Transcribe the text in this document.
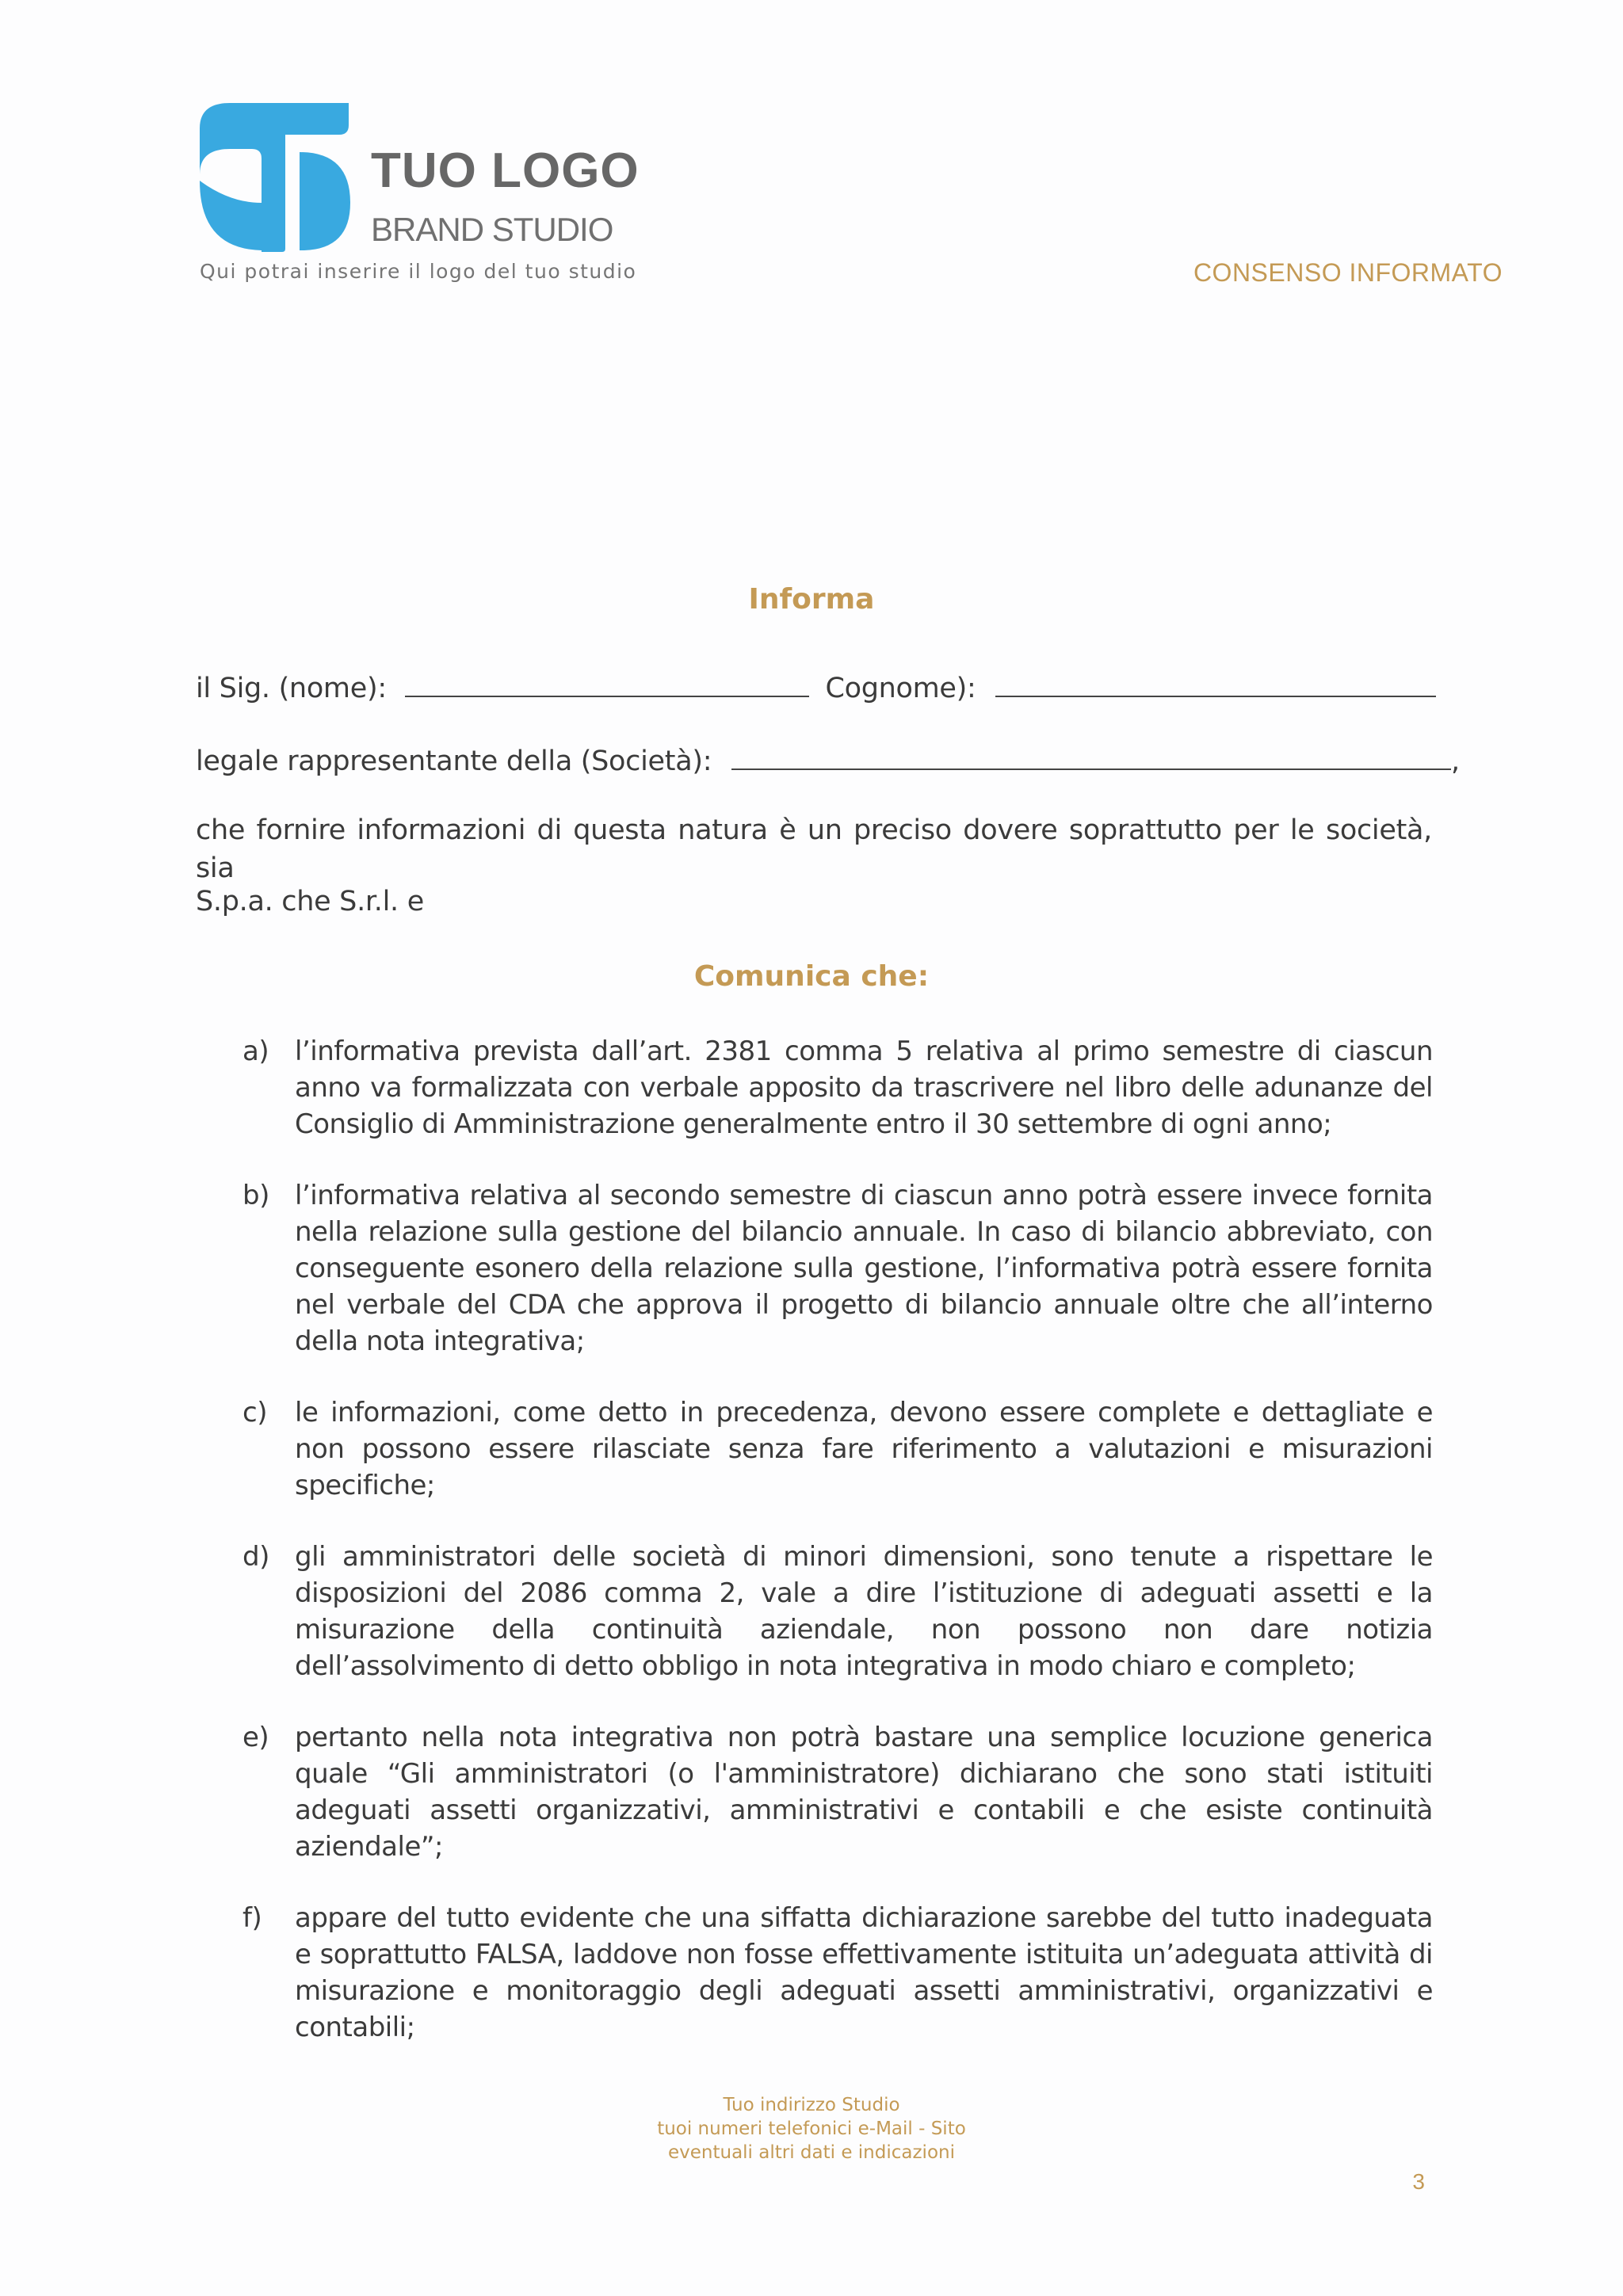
TUO LOGO
BRAND STUDIO
Qui potrai inserire il logo del tuo studio	CONSENSO INFORMATO
Informa
il Sig. (nome):	Cognome):
legale rappresentante della (Società):	,
che fornire informazioni di questa natura è un preciso dovere soprattutto per le società, sia
S.p.a. che S.r.l. e
Comunica che:
a) l’informativa prevista dall’art. 2381 comma 5 relativa al primo semestre di ciascun anno va formalizzata con verbale apposito da trascrivere nel libro delle adunanze del Consiglio di Amministrazione generalmente entro il 30 settembre di ogni anno;
b) l’informativa relativa al secondo semestre di ciascun anno potrà essere invece fornita nella relazione sulla gestione del bilancio annuale. In caso di bilancio abbreviato, con conseguente esonero della relazione sulla gestione, l’informativa potrà essere fornita nel verbale del CDA che approva il progetto di bilancio annuale oltre che all’interno della nota integrativa;
c) le informazioni, come detto in precedenza, devono essere complete e dettagliate e non possono essere rilasciate senza fare riferimento a valutazioni e misurazioni specifiche;
d) gli amministratori delle società di minori dimensioni, sono tenute a rispettare le disposizioni del 2086 comma 2, vale a dire l’istituzione di adeguati assetti e la misurazione della continuità aziendale, non possono non dare notizia dell’assolvimento di detto obbligo in nota integrativa in modo chiaro e completo;
e) pertanto nella nota integrativa non potrà bastare una semplice locuzione generica quale “Gli amministratori (o l'amministratore) dichiarano che sono stati istituiti adeguati assetti organizzativi, amministrativi e contabili e che esiste continuità aziendale”;
f) appare del tutto evidente che una siffatta dichiarazione sarebbe del tutto inadeguata e soprattutto FALSA, laddove non fosse effettivamente istituita un’adeguata attività di misurazione e monitoraggio degli adeguati assetti amministrativi, organizzativi e contabili;
Tuo indirizzo Studio
tuoi numeri telefonici e-Mail - Sito
eventuali altri dati e indicazioni
3
